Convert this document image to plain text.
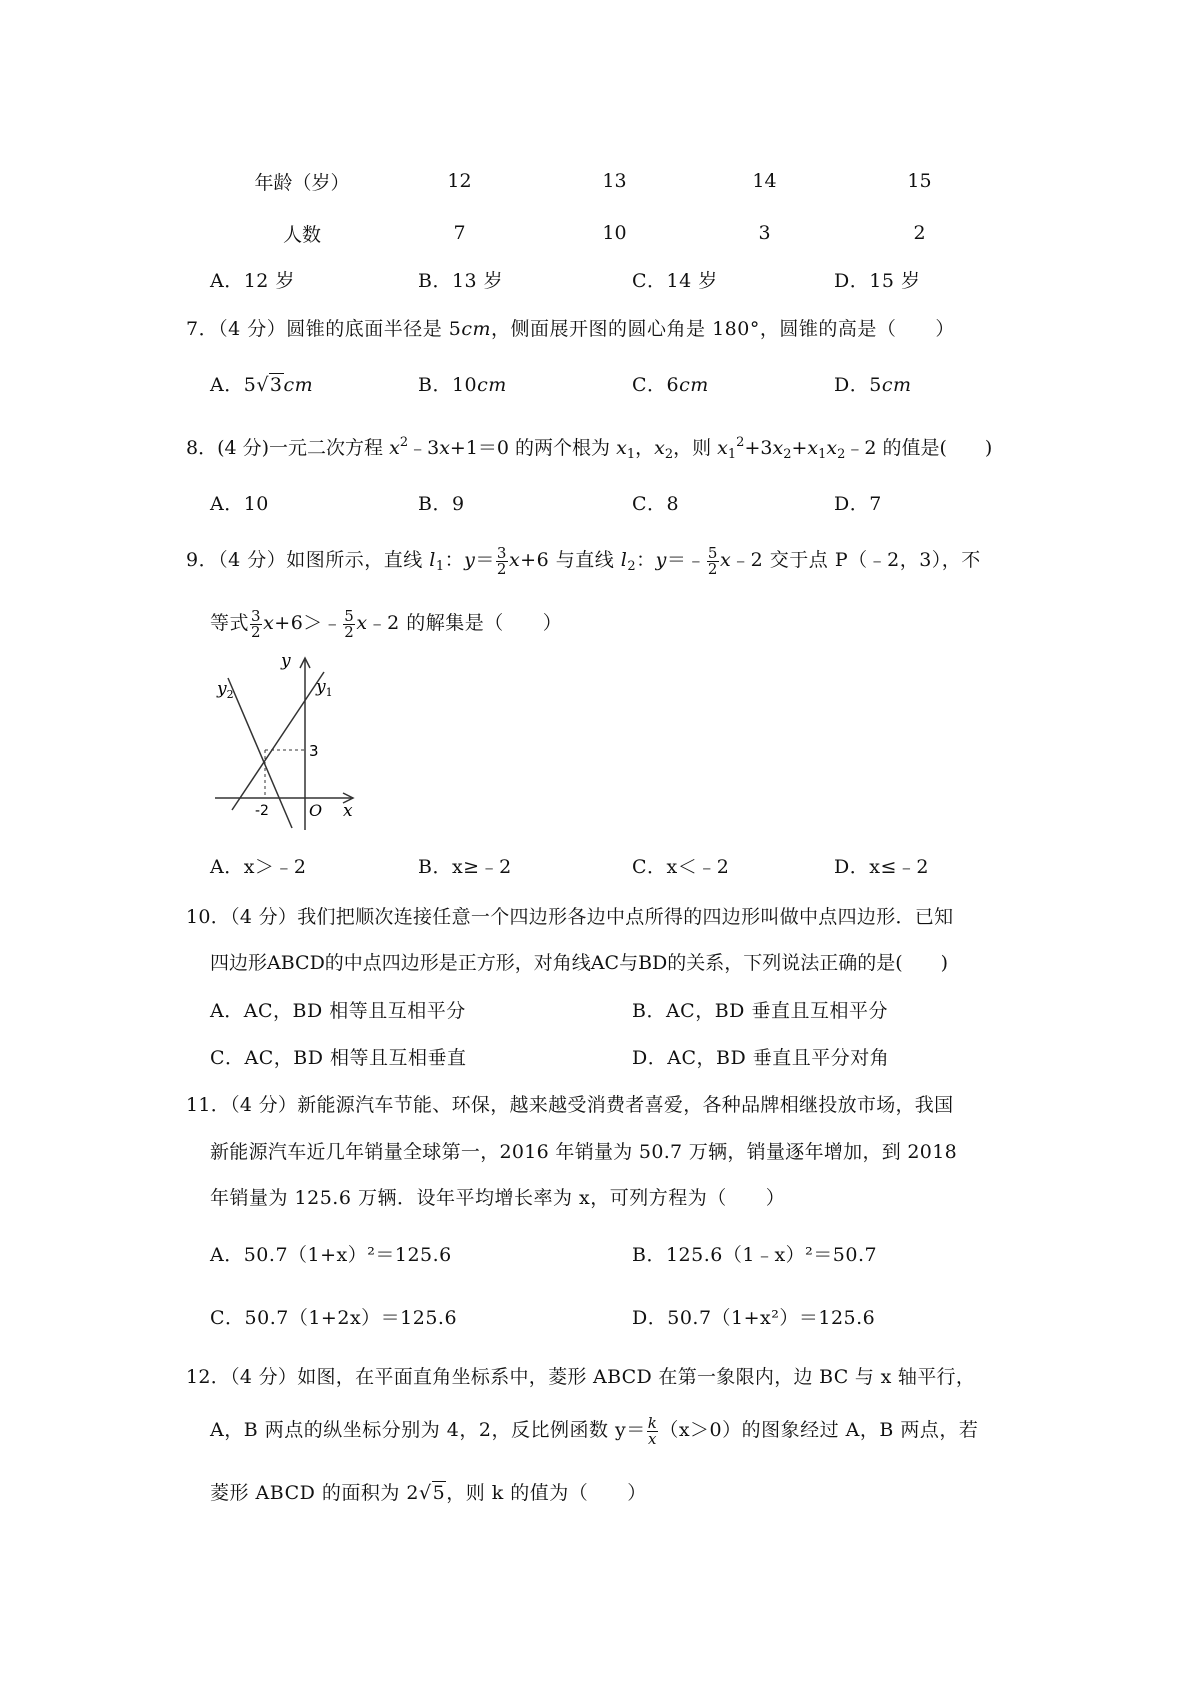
年龄（岁）	12	13	14	15
人数	7	10	3	2
A．12 岁	B．13 岁	C．14 岁	D．15 岁
7．（4 分）圆锥的底面半径是 5cm，侧面展开图的圆心角是 180°，圆锥的高是（　　）
A．5√3cm	B．10cm	C．6cm	D．5cm
8．(4 分)一元二次方程 $x^2﹣3x+1=0$ 的两个根为 $x_1$，$x_2$，则 $x_1^2+3x_2+x_1x_2﹣2$ 的值是(　　)
A．10	B．9	C．8	D．7
9．（4 分）如图所示，直线 $l_1$：$y= \frac{3}{2} x+6$ 与直线 $l_2$：y＝﹣ $\frac{5}{2}$ x﹣2 交于点 P（﹣2，3），不
等式 $\frac{3}{2}$ x+6＞﹣ $\frac{5}{2}$ x﹣2 的解集是（　　）
y
$y_1$
$y_2$
3
-2	O x
A．x＞﹣2	B．x≥﹣2	C．x＜﹣2	D．x≤﹣2
10．（4 分）我们把顺次连接任意一个四边形各边中点所得的四边形叫做中点四边形．已知
四边形ABCD的中点四边形是正方形，对角线AC与BD的关系，下列说法正确的是(　　)
A．AC，BD 相等且互相平分	B．AC，BD 垂直且互相平分
C．AC，BD 相等且互相垂直	D．AC，BD 垂直且平分对角
11．（4 分）新能源汽车节能、环保，越来越受消费者喜爱，各种品牌相继投放市场，我国
新能源汽车近几年销量全球第一，2016 年销量为 50.7 万辆，销量逐年增加，到 2018
年销量为 125.6 万辆．设年平均增长率为 x，可列方程为（　　）
A．50.7（1+x）²＝125.6	B．125.6（1﹣x）²＝50.7
C．50.7（1+2x）＝125.6	D．50.7（1+x²）＝125.6
12．（4 分）如图，在平面直角坐标系中，菱形 ABCD 在第一象限内，边 BC 与 x 轴平行，
A，B 两点的纵坐标分别为 4，2，反比例函数 $y= \frac{k}{x} (x>0)$的图象经过 A，B 两点，若
菱形 ABCD 的面积为 2√5，则 k 的值为（　　）
